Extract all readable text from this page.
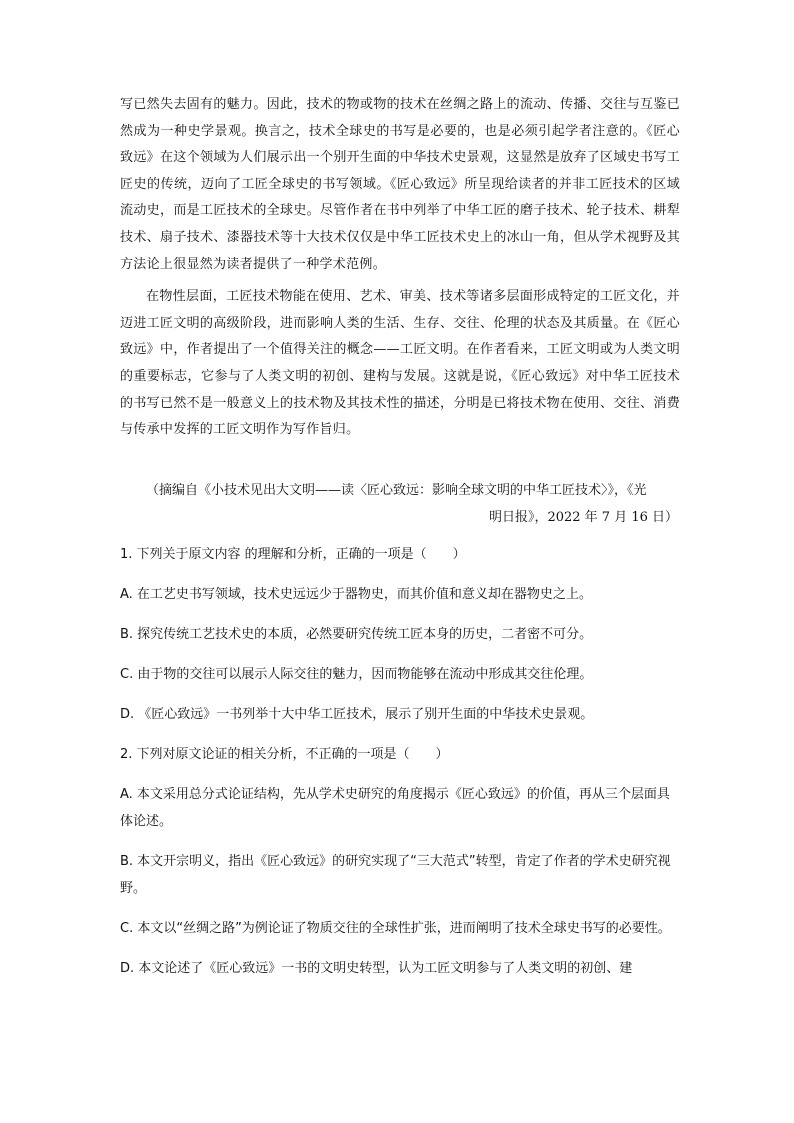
写已然失去固有的魅力。因此，技术的物或物的技术在丝绸之路上的流动、传播、交往与互鉴已然成为一种史学景观。换言之，技术全球史的书写是必要的，也是必须引起学者注意的。《匠心致远》在这个领域为人们展示出一个别开生面的中华技术史景观，这显然是放弃了区域史书写工匠史的传统，迈向了工匠全球史的书写领域。《匠心致远》所呈现给读者的并非工匠技术的区域流动史，而是工匠技术的全球史。尽管作者在书中列举了中华工匠的磨子技术、轮子技术、耕犁技术、扇子技术、漆器技术等十大技术仅仅是中华工匠技术史上的冰山一角，但从学术视野及其方法论上很显然为读者提供了一种学术范例。

在物性层面，工匠技术物能在使用、艺术、审美、技术等诸多层面形成特定的工匠文化，并迈进工匠文明的高级阶段，进而影响人类的生活、生存、交往、伦理的状态及其质量。在《匠心致远》中，作者提出了一个值得关注的概念——工匠文明。在作者看来，工匠文明或为人类文明的重要标志，它参与了人类文明的初创、建构与发展。这就是说，《匠心致远》对中华工匠技术的书写已然不是一般意义上的技术物及其技术性的描述，分明是已将技术物在使用、交往、消费与传承中发挥的工匠文明作为写作旨归。

（摘编自《小技术见出大文明——读〈匠心致远：影响全球文明的中华工匠技术〉》，《光
明日报》，2022 年 7 月 16 日）
1. 下列关于原文内容 的理解和分析，正确的一项是（　　）
A. 在工艺史书写领域，技术史远远少于器物史，而其价值和意义却在器物史之上。
B. 探究传统工艺技术史的本质，必然要研究传统工匠本身的历史，二者密不可分。
C. 由于物的交往可以展示人际交往的魅力，因而物能够在流动中形成其交往伦理。
D. 《匠心致远》一书列举十大中华工匠技术，展示了别开生面的中华技术史景观。
2. 下列对原文论证的相关分析，不正确的一项是（　　）
A. 本文采用总分式论证结构，先从学术史研究的角度揭示《匠心致远》的价值，再从三个层面具体论述。
B. 本文开宗明义，指出《匠心致远》的研究实现了“三大范式”转型，肯定了作者的学术史研究视野。
C. 本文以“丝绸之路”为例论证了物质交往的全球性扩张，进而阐明了技术全球史书写的必要性。
D. 本文论述了《匠心致远》一书的文明史转型，认为工匠文明参与了人类文明的初创、建
